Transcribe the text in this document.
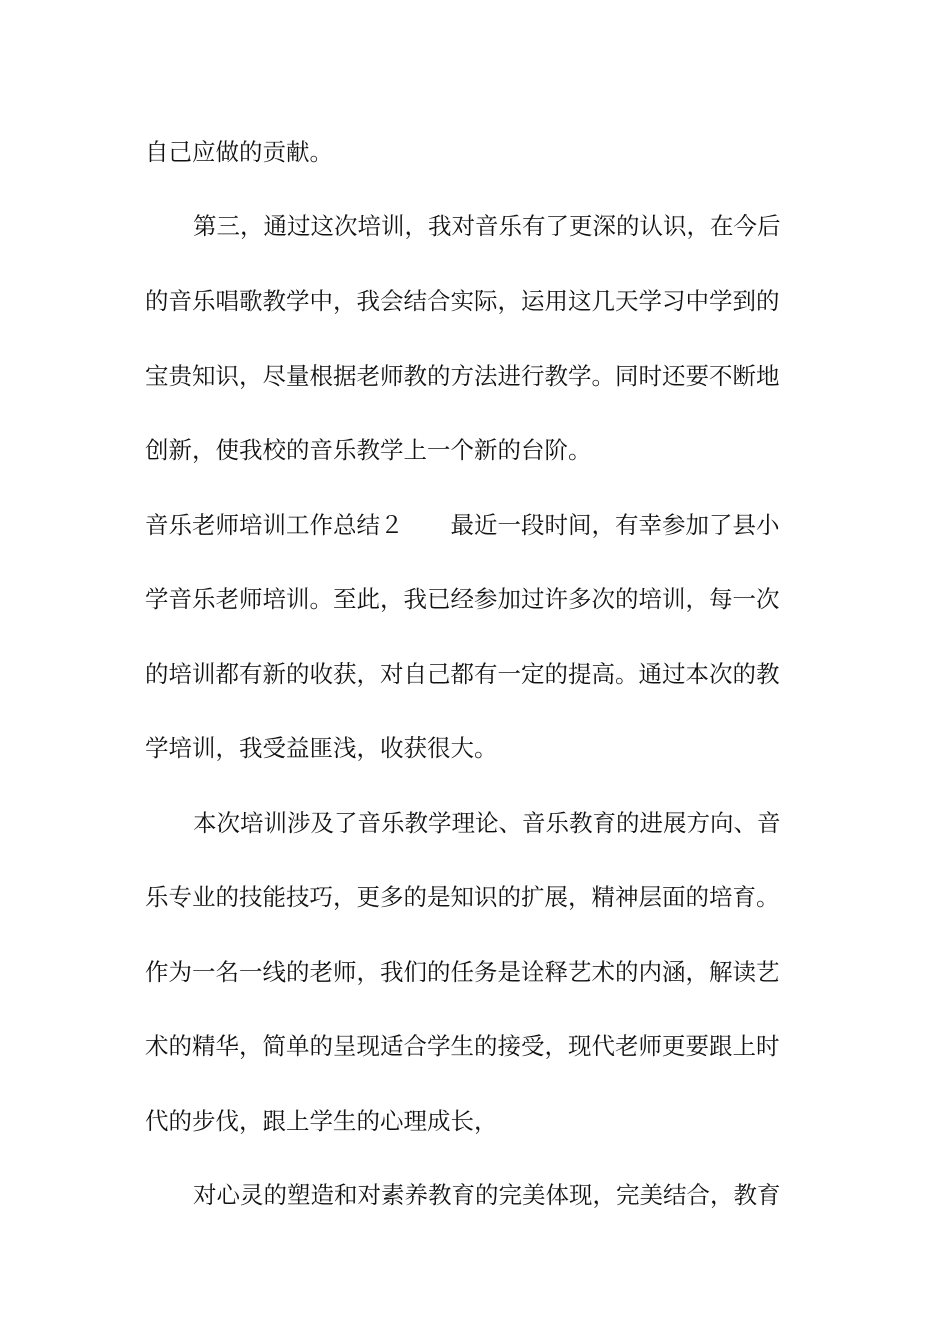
自己应做的贡献。
第三，通过这次培训，我对音乐有了更深的认识，在今后
的音乐唱歌教学中，我会结合实际，运用这几天学习中学到的
宝贵知识，尽量根据老师教的方法进行教学。同时还要不断地
创新，使我校的音乐教学上一个新的台阶。
音乐老师培训工作总结２　　最近一段时间，有幸参加了县小
学音乐老师培训。至此，我已经参加过许多次的培训，每一次
的培训都有新的收获，对自己都有一定的提高。通过本次的教
学培训，我受益匪浅，收获很大。
本次培训涉及了音乐教学理论、音乐教育的进展方向、音
乐专业的技能技巧，更多的是知识的扩展，精神层面的培育。
作为一名一线的老师，我们的任务是诠释艺术的内涵，解读艺
术的精华，简单的呈现适合学生的接受，现代老师更要跟上时
代的步伐，跟上学生的心理成长，
对心灵的塑造和对素养教育的完美体现，完美结合，教育
